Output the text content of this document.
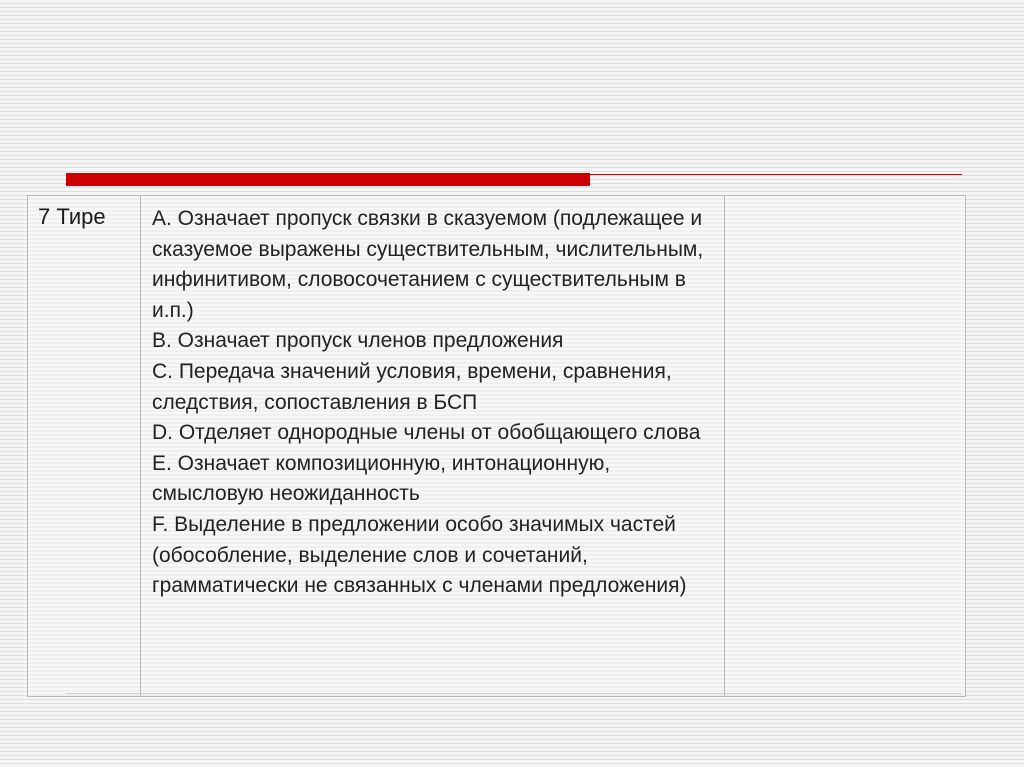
7 Тире	A. Означает пропуск связки в сказуемом (подлежащее и сказуемое выражены существительным, числительным, инфинитивом, словосочетанием с существительным в и.п.)
B. Означает пропуск членов предложения
C. Передача значений условия, времени, сравнения, следствия, сопоставления в БСП
D. Отделяет однородные члены от обобщающего слова
E. Означает композиционную, интонационную, смысловую неожиданность
F. Выделение в предложении особо значимых частей (обособление, выделение слов и сочетаний, грамматически не связанных с членами предложения)
